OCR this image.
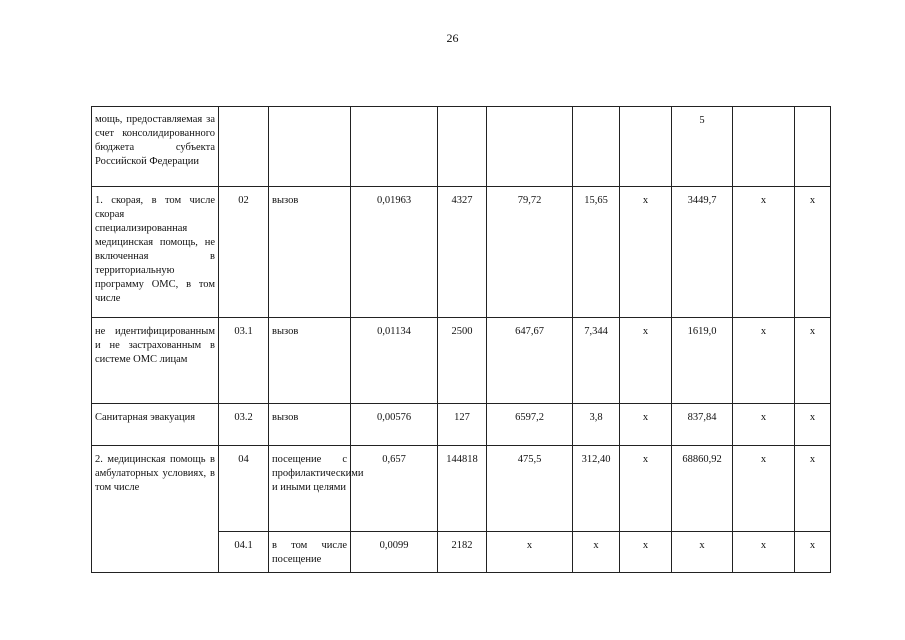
26
мощь, предоставляемая за счет консолидированного бюджета субъекта Российской Федерации								5		
1. скорая, в том числе скорая специализированная медицинская помощь, не включенная в территориальную программу ОМС, в том числе	02	вызов	0,01963	4327	79,72	15,65	х	3449,7	х	х
не идентифицированным и не застрахованным в системе ОМС лицам	03.1	вызов	0,01134	2500	647,67	7,344	х	1619,0	х	х
Санитарная эвакуация	03.2	вызов	0,00576	127	6597,2	3,8	х	837,84	х	х
2. медицинская помощь в амбулаторных условиях, в том числе	04	посещение с профилактическими и иными целями	0,657	144818	475,5	312,40	х	68860,92	х	х
	04.1	в том числе посещение	0,0099	2182	х	х	х	х	х	х
